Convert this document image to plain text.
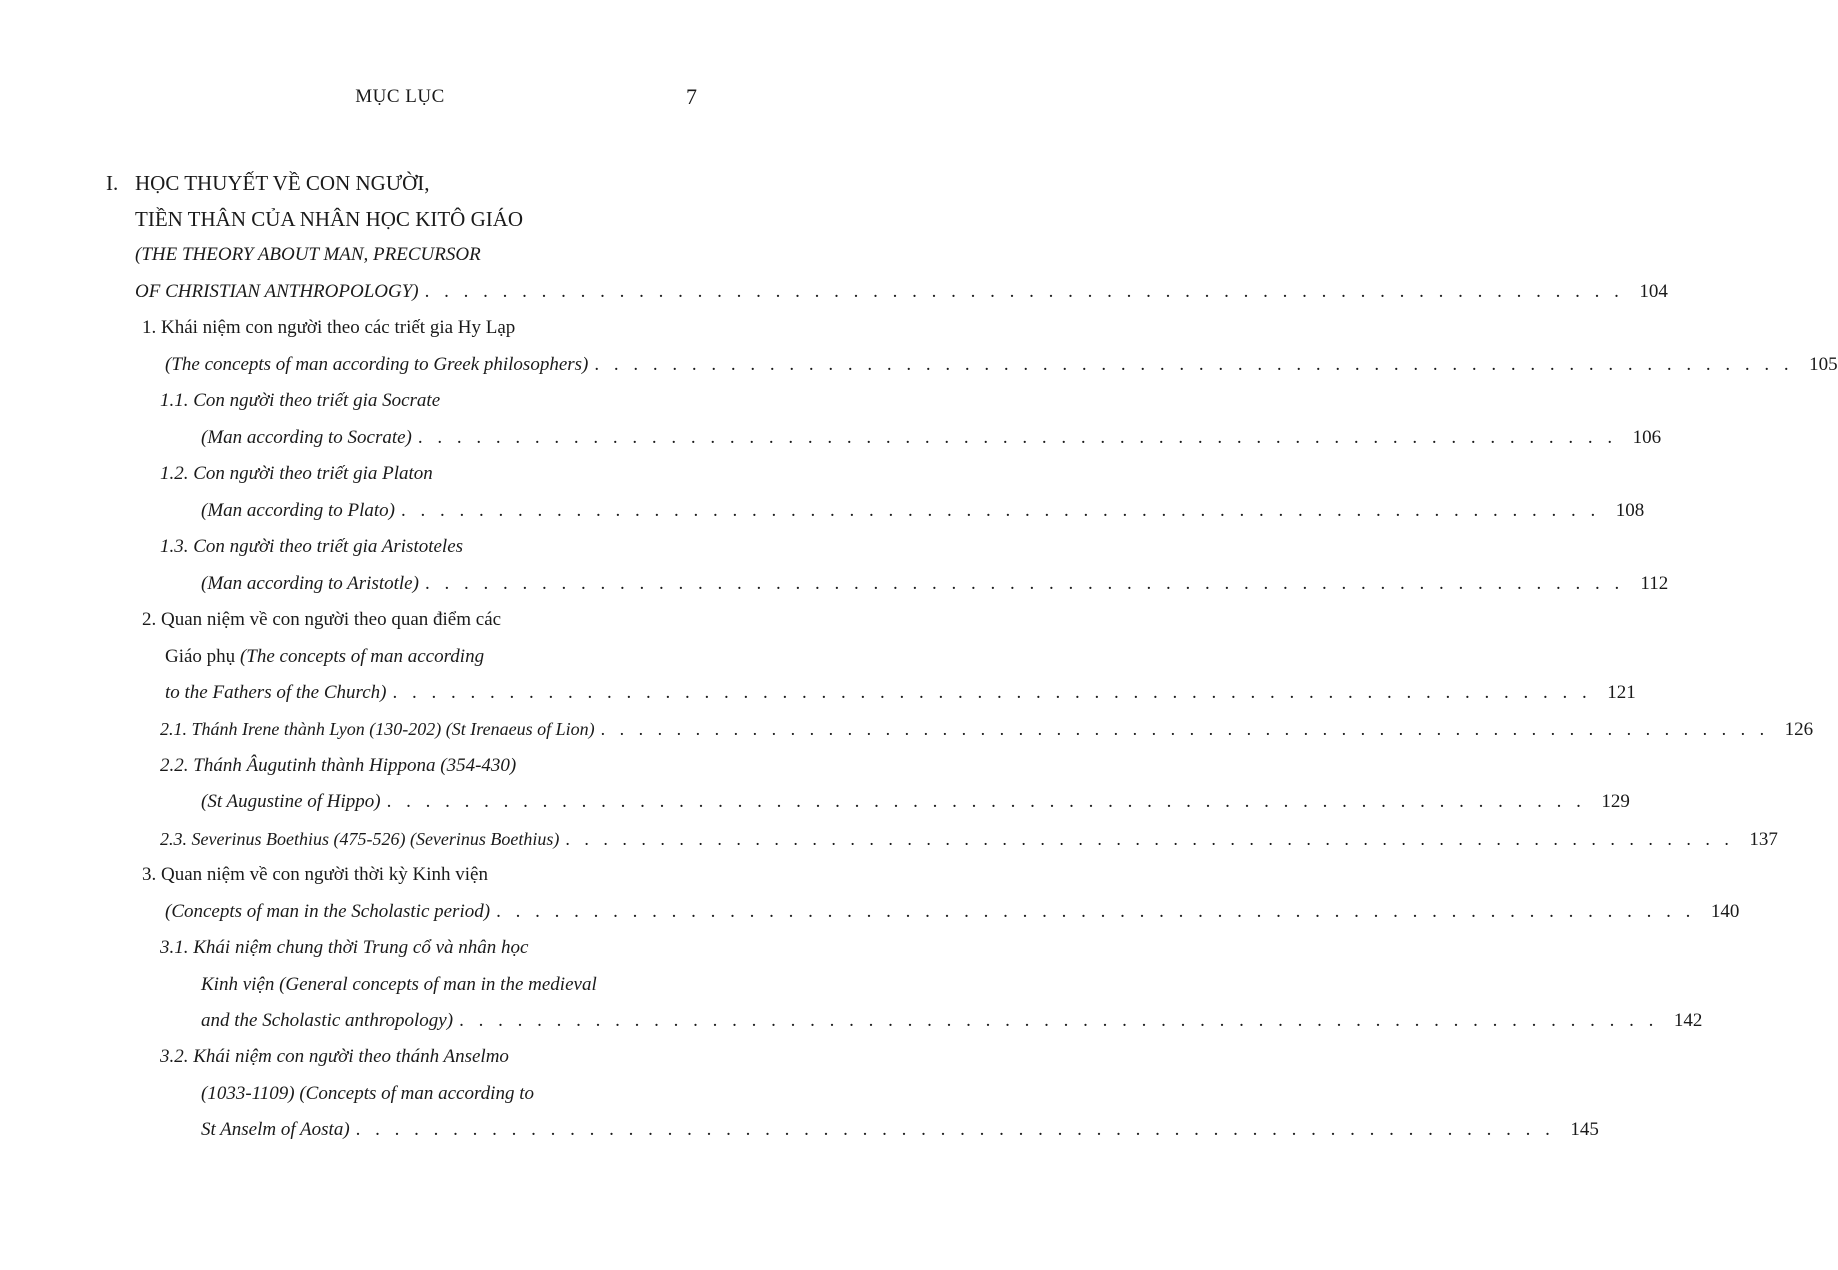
MỤC LỤC	7
I. HỌC THUYẾT VỀ CON NGƯỜI,
TIỀN THÂN CỦA NHÂN HỌC KITÔ GIÁO
(THE THEORY ABOUT MAN, PRECURSOR
OF CHRISTIAN ANTHROPOLOGY) . . . . . . . . . . . . . . . . . . . . . . . . . . . . . . . . . . . . . . . . . . . . . . . . . . . . . . . . . . . . . . 104
1. Khái niệm con người theo các triết gia Hy Lạp
(The concepts of man according to Greek philosophers) . . . . . . . . . . . . . . . . . . . . . . . . . . . . . . . . . . . . . . . . . . . . . . . . . . . . . . . . . . . . . . 105
1.1. Con người theo triết gia Socrate
(Man according to Socrate) . . . . . . . . . . . . . . . . . . . . . . . . . . . . . . . . . . . . . . . . . . . . . . . . . . . . . . . . . . . . . . 106
1.2. Con người theo triết gia Platon
(Man according to Plato) . . . . . . . . . . . . . . . . . . . . . . . . . . . . . . . . . . . . . . . . . . . . . . . . . . . . . . . . . . . . . . 108
1.3. Con người theo triết gia Aristoteles
(Man according to Aristotle) . . . . . . . . . . . . . . . . . . . . . . . . . . . . . . . . . . . . . . . . . . . . . . . . . . . . . . . . . . . . . . 112
2. Quan niệm về con người theo quan điểm các
Giáo phụ (The concepts of man according
to the Fathers of the Church) . . . . . . . . . . . . . . . . . . . . . . . . . . . . . . . . . . . . . . . . . . . . . . . . . . . . . . . . . . . . . . 121
2.1. Thánh Irene thành Lyon (130-202) (St Irenaeus of Lion) . . . . . . . . . . . . . . . . . . . . . . . . . . . . . . . . . . . . . . . . . . . . . . . . . . . . . . . . . . . . . . 126
2.2. Thánh Âugutinh thành Hippona (354-430)
(St Augustine of Hippo) . . . . . . . . . . . . . . . . . . . . . . . . . . . . . . . . . . . . . . . . . . . . . . . . . . . . . . . . . . . . . . 129
2.3. Severinus Boethius (475-526) (Severinus Boethius) . . . . . . . . . . . . . . . . . . . . . . . . . . . . . . . . . . . . . . . . . . . . . . . . . . . . . . . . . . . . . . 137
3. Quan niệm về con người thời kỳ Kinh viện
(Concepts of man in the Scholastic period) . . . . . . . . . . . . . . . . . . . . . . . . . . . . . . . . . . . . . . . . . . . . . . . . . . . . . . . . . . . . . . 140
3.1. Khái niệm chung thời Trung cổ và nhân học
Kinh viện (General concepts of man in the medieval
and the Scholastic anthropology) . . . . . . . . . . . . . . . . . . . . . . . . . . . . . . . . . . . . . . . . . . . . . . . . . . . . . . . . . . . . . . 142
3.2. Khái niệm con người theo thánh Anselmo
(1033-1109) (Concepts of man according to
St Anselm of Aosta) . . . . . . . . . . . . . . . . . . . . . . . . . . . . . . . . . . . . . . . . . . . . . . . . . . . . . . . . . . . . . . 145
